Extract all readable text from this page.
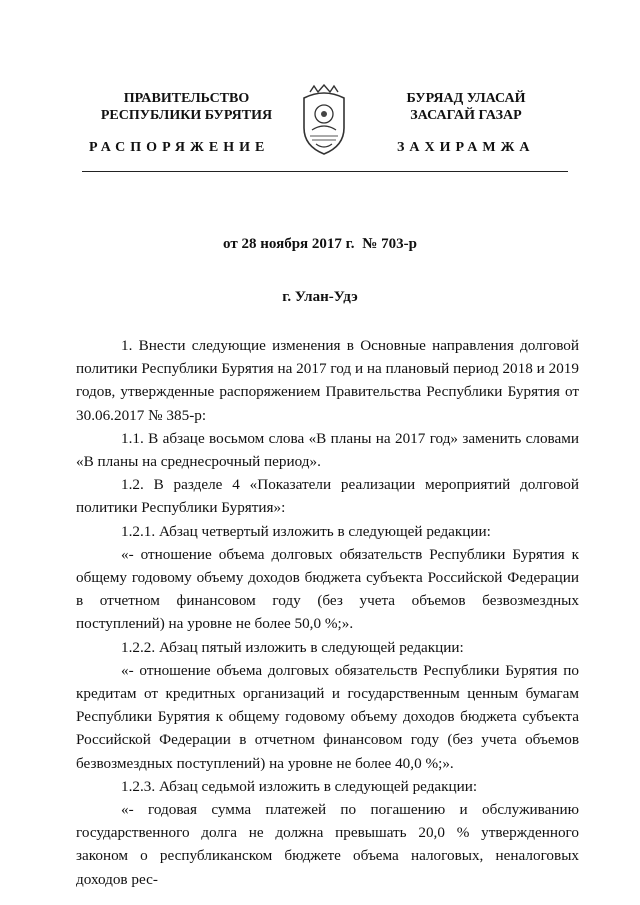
ПРАВИТЕЛЬСТВО
РЕСПУБЛИКИ БУРЯТИЯ
БУРЯАД УЛАСАЙ
ЗАСАГАЙ ГАЗАР
РАСПОРЯЖЕНИЕ	ЗАХИРАМЖА
от 28 ноября 2017 г. № 703-р
г. Улан-Удэ

1. Внести следующие изменения в Основные направления долговой политики Республики Бурятия на 2017 год и на плановый период 2018 и 2019 годов, утвержденные распоряжением Правительства Республики Бурятия от 30.06.2017 № 385-р:

1.1. В абзаце восьмом слова «В планы на 2017 год» заменить словами «В планы на среднесрочный период».

1.2. В разделе 4 «Показатели реализации мероприятий долговой политики Республики Бурятия»:

1.2.1. Абзац четвертый изложить в следующей редакции:

«- отношение объема долговых обязательств Республики Бурятия к общему годовому объему доходов бюджета субъекта Российской Федерации в отчетном финансовом году (без учета объемов безвозмездных поступлений) на уровне не более 50,0 %;».

1.2.2. Абзац пятый изложить в следующей редакции:

«- отношение объема долговых обязательств Республики Бурятия по кредитам от кредитных организаций и государственным ценным бумагам Республики Бурятия к общему годовому объему доходов бюджета субъекта Российской Федерации в отчетном финансовом году (без учета объемов безвозмездных поступлений) на уровне не более 40,0 %;».

1.2.3. Абзац седьмой изложить в следующей редакции:

«- годовая сумма платежей по погашению и обслуживанию государственного долга не должна превышать 20,0 % утвержденного законом о республиканском бюджете объема налоговых, неналоговых доходов рес-
